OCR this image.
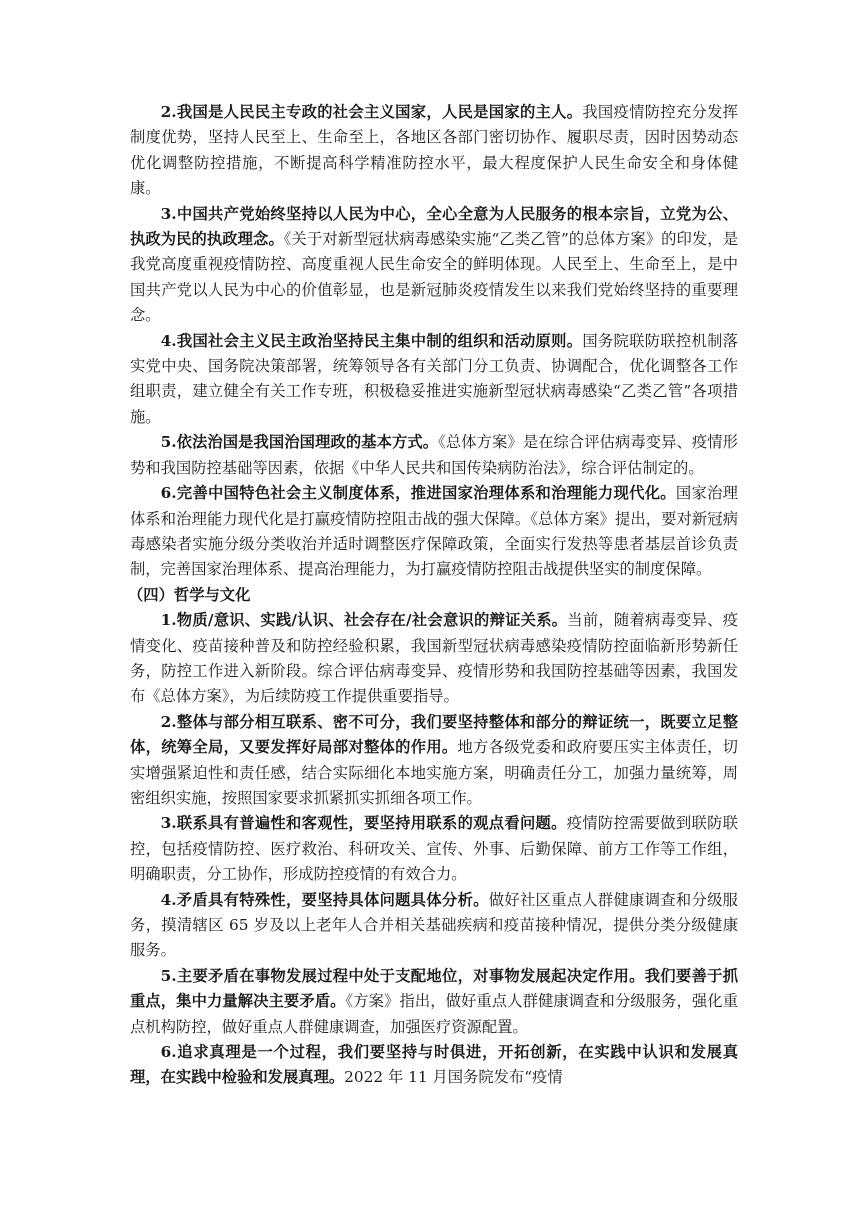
2.我国是人民民主专政的社会主义国家，人民是国家的主人。我国疫情防控充分发挥制度优势，坚持人民至上、生命至上，各地区各部门密切协作、履职尽责，因时因势动态优化调整防控措施，不断提高科学精准防控水平，最大程度保护人民生命安全和身体健康。

3.中国共产党始终坚持以人民为中心，全心全意为人民服务的根本宗旨，立党为公、执政为民的执政理念。《关于对新型冠状病毒感染实施“乙类乙管”的总体方案》的印发，是我党高度重视疫情防控、高度重视人民生命安全的鲜明体现。人民至上、生命至上，是中国共产党以人民为中心的价值彰显，也是新冠肺炎疫情发生以来我们党始终坚持的重要理念。

4.我国社会主义民主政治坚持民主集中制的组织和活动原则。国务院联防联控机制落实党中央、国务院决策部署，统筹领导各有关部门分工负责、协调配合，优化调整各工作组职责，建立健全有关工作专班，积极稳妥推进实施新型冠状病毒感染“乙类乙管”各项措施。

5.依法治国是我国治国理政的基本方式。《总体方案》是在综合评估病毒变异、疫情形势和我国防控基础等因素，依据《中华人民共和国传染病防治法》，综合评估制定的。

6.完善中国特色社会主义制度体系，推进国家治理体系和治理能力现代化。国家治理体系和治理能力现代化是打赢疫情防控阻击战的强大保障。《总体方案》提出，要对新冠病毒感染者实施分级分类收治并适时调整医疗保障政策，全面实行发热等患者基层首诊负责制，完善国家治理体系、提高治理能力，为打赢疫情防控阻击战提供坚实的制度保障。

（四）哲学与文化

1.物质/意识、实践/认识、社会存在/社会意识的辩证关系。当前，随着病毒变异、疫情变化、疫苗接种普及和防控经验积累，我国新型冠状病毒感染疫情防控面临新形势新任务，防控工作进入新阶段。综合评估病毒变异、疫情形势和我国防控基础等因素，我国发布《总体方案》，为后续防疫工作提供重要指导。

2.整体与部分相互联系、密不可分，我们要坚持整体和部分的辩证统一，既要立足整体，统筹全局，又要发挥好局部对整体的作用。地方各级党委和政府要压实主体责任，切实增强紧迫性和责任感，结合实际细化本地实施方案，明确责任分工，加强力量统筹，周密组织实施，按照国家要求抓紧抓实抓细各项工作。

3.联系具有普遍性和客观性，要坚持用联系的观点看问题。疫情防控需要做到联防联控，包括疫情防控、医疗救治、科研攻关、宣传、外事、后勤保障、前方工作等工作组，明确职责，分工协作，形成防控疫情的有效合力。

4.矛盾具有特殊性，要坚持具体问题具体分析。做好社区重点人群健康调查和分级服务，摸清辖区 65 岁及以上老年人合并相关基础疾病和疫苗接种情况，提供分类分级健康服务。

5.主要矛盾在事物发展过程中处于支配地位，对事物发展起决定作用。我们要善于抓重点，集中力量解决主要矛盾。《方案》指出，做好重点人群健康调查和分级服务，强化重点机构防控，做好重点人群健康调查，加强医疗资源配置。

6.追求真理是一个过程，我们要坚持与时俱进，开拓创新，在实践中认识和发展真理，在实践中检验和发展真理。2022 年 11 月国务院发布“疫情
